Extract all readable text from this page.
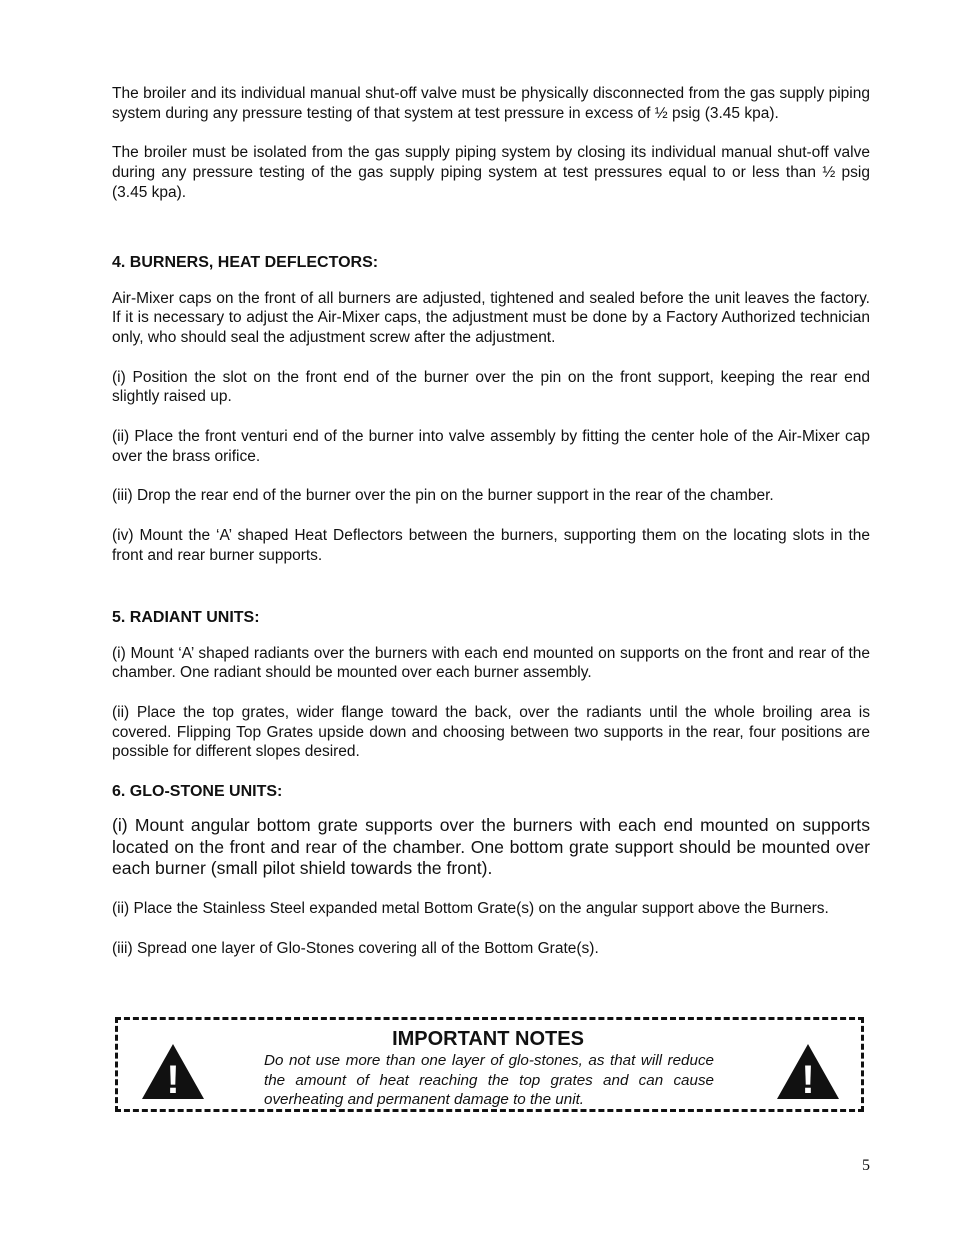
The broiler and its individual manual shut-off valve must be physically disconnected from the gas supply piping system during any pressure testing of that system at test pressure in excess of ½ psig (3.45 kpa).

The broiler must be isolated from the gas supply piping system by closing its individual manual shut-off valve during any pressure testing of the gas supply piping system at test pressures equal to or less than ½ psig (3.45 kpa).

4. BURNERS, HEAT DEFLECTORS:

Air-Mixer caps on the front of all burners are adjusted, tightened and sealed before the unit leaves the factory. If it is necessary to adjust the Air-Mixer caps, the adjustment must be done by a Factory Authorized technician only, who should seal the adjustment screw after the adjustment.

(i) Position the slot on the front end of the burner over the pin on the front support, keeping the rear end slightly raised up.

(ii) Place the front venturi end of the burner into valve assembly by fitting the center hole of the Air-Mixer cap over the brass orifice.

(iii) Drop the rear end of the burner over the pin on the burner support in the rear of the chamber.

(iv) Mount the ‘A’ shaped Heat Deflectors between the burners, supporting them on the locating slots in the front and rear burner supports.

5. RADIANT UNITS:

(i) Mount ‘A’ shaped radiants over the burners with each end mounted on supports on the front and rear of the chamber. One radiant should be mounted over each burner assembly.

(ii) Place the top grates, wider flange toward the back, over the radiants until the whole broiling area is covered. Flipping Top Grates upside down and choosing between two supports in the rear, four positions are possible for different slopes desired.

6. GLO-STONE UNITS:

(i) Mount angular bottom grate supports over the burners with each end mounted on supports located on the front and rear of the chamber. One bottom grate support should be mounted over each burner (small pilot shield towards the front).

(ii) Place the Stainless Steel expanded metal Bottom Grate(s) on the angular support above the Burners.

(iii) Spread one layer of Glo-Stones covering all of the Bottom Grate(s).

!
IMPORTANT NOTES
Do not use more than one layer of glo-stones, as that will reduce the amount of heat reaching the top grates and can cause overheating and permanent damage to the unit.	!
5
